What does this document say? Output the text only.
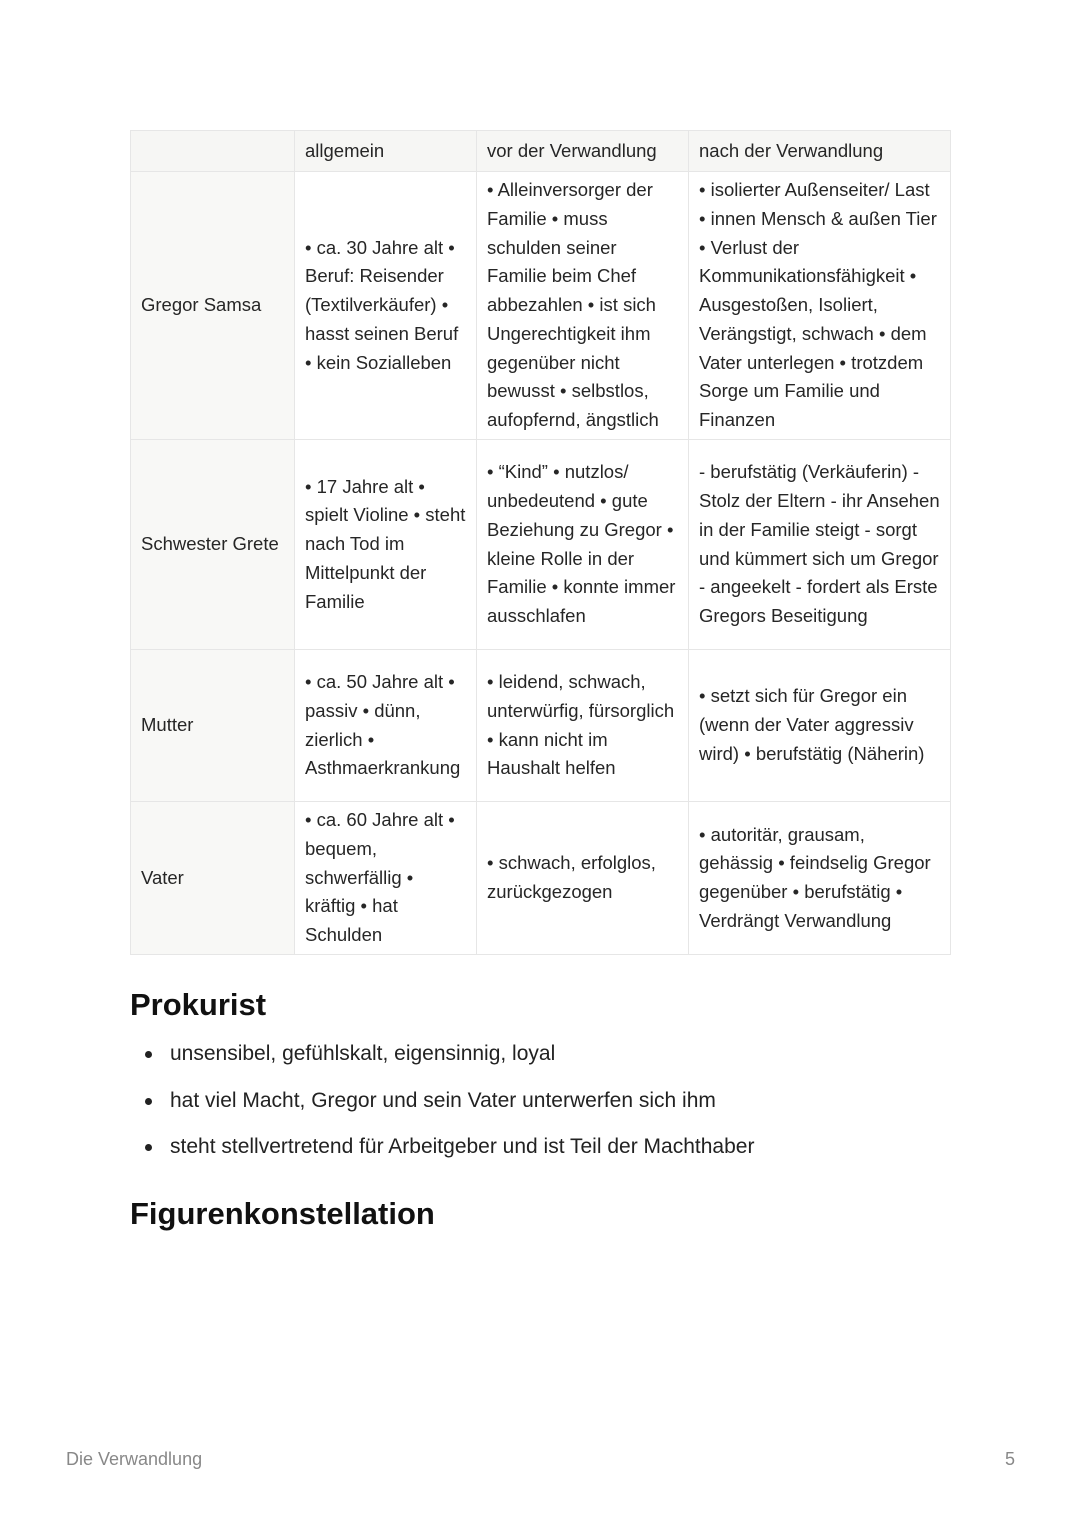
	allgemein	vor der Verwandlung	nach der Verwandlung
Gregor Samsa	• ca. 30 Jahre alt • Beruf: Reisender (Textilverkäufer) • hasst seinen Beruf • kein Sozialleben	• Alleinversorger der Familie • muss schulden seiner Familie beim Chef abbezahlen • ist sich Ungerechtigkeit ihm gegenüber nicht bewusst • selbstlos, aufopfernd, ängstlich	• isolierter Außenseiter/ Last • innen Mensch & außen Tier • Verlust der Kommunikationsfähigkeit • Ausgestoßen, Isoliert, Verängstigt, schwach • dem Vater unterlegen • trotzdem Sorge um Familie und Finanzen
Schwester Grete	• 17 Jahre alt • spielt Violine • steht nach Tod im Mittelpunkt der Familie	• “Kind” • nutzlos/ unbedeutend • gute Beziehung zu Gregor • kleine Rolle in der Familie • konnte immer ausschlafen	- berufstätig (Verkäuferin) - Stolz der Eltern - ihr Ansehen in der Familie steigt - sorgt und kümmert sich um Gregor - angeekelt - fordert als Erste Gregors Beseitigung
Mutter	• ca. 50 Jahre alt • passiv • dünn, zierlich • Asthmaerkrankung	• leidend, schwach, unterwürfig, fürsorglich • kann nicht im Haushalt helfen	• setzt sich für Gregor ein (wenn der Vater aggressiv wird) • berufstätig (Näherin)
Vater	• ca. 60 Jahre alt • bequem, schwerfällig • kräftig • hat Schulden	• schwach, erfolglos, zurückgezogen	• autoritär, grausam, gehässig • feindselig Gregor gegenüber • berufstätig • Verdrängt Verwandlung
Prokurist
unsensibel, gefühlskalt, eigensinnig, loyal
hat viel Macht, Gregor und sein Vater unterwerfen sich ihm
steht stellvertretend für Arbeitgeber und ist Teil der Machthaber
Figurenkonstellation
Die Verwandlung	5
